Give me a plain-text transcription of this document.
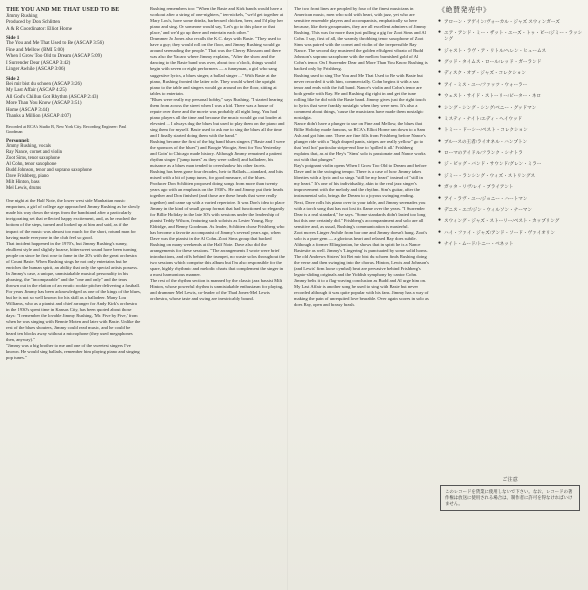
THE YOU AND ME THAT USED TO BE
Jimmy Rushing
Produced by Don Schlitten
A & R Coordinator: Elliot Horne
Side 1
The You and Me That Used to Be (ASCAP 3:56)
Fine and Mellow (BMI 5:00)
When I Grow Too Old to Dream (ASCAP 5:09)
I Surrender Dear (ASCAP 3:42)
Linger Awhile (ASCAP 3:06)
Side 2
Bei mir bist du schoen (ASCAP 3:26)
My Last Affair (ASCAP 4:25)
All God's Chillun Got Rhythm (ASCAP 2:43)
More Than You Know (ASCAP 3:51)
Home (ASCAP 3:44)
Thanks a Million (ASCAP 4:07)
Recorded at RCA's Studio B, New York City. Recording Engineer: Paul Goodman
Personnel:
Jimmy Rushing, vocals
Ray Nance, cornet and violin
Zoot Sims, tenor saxophone
Al Cohn, tenor saxophone
Budd Johnson, tenor and soprano saxophone
Dave Frishberg, piano
Milt Hinton, bass
Mel Lewis, drums

One night at the Half Note, the lower west side Manhattan music emporium, a girl of college age approached Jimmy Rushing as he slowly made his way down the steps from the bandstand after a particularly invigorating set that reflected happy excitement, and, as he reached the bottom of the steps, turned and looked up at him and said, as if the impact of the music was almost too much for the short, rotund man for having made everyone in the club feel so good.

That incident happened in the 1970's, but Jimmy Rushing's sunny, ebullient style and slightly hoarse, bittersweet sound have been turning people on since he first rose to fame in the 20's with the great orchestra of Count Basie. When Rushing sings he not only entertains but he enriches the human spirit, an ability that only the special artists possess. In Jimmy's case, a unique, unmistakable musical personality in his phrasing, the "incomparable" and the "one and only" and the tears thrown out in the elation of an erratic rookie pitcher delivering a fastball.

For years Jimmy has been acknowledged as one of the kings of the blues, but he is not so well known for his skill as a balladeer. Many Lou Williams, who as a pianist and chief arranger for Andy Kirk's orchestra in the 1930's spent time in Kansas City, has been quoted about those days: "I remember the lovable Jimmy Rushing, 'Mr. Five by Five,' from when he was singing with Bennie Moten and later with Basie. Unlike the rest of the blues shouters, Jimmy could read music, and he could be heard ten blocks away without a microphone (they used megaphones then, anyway)."

"Jimmy was a big brother to me and one of the sweetest singers I've known. He would sing ballads, remember him playing piano and singing pop tunes."

Rushing remembers too: "When the Basie and Kirk bands would have a workout after a string of one-nighters," ten-nickels, "we'd get together at Mary Lou's, have some drinks, barbecued chicken, beer, and I'd play her piano and sing. Or someone would say, 'Let's go to this place or that place,' and we'd go up there and entertain each other."

Drummer Jo Jones also recalls the K.C. days with Basie. "They used to have a guy; they would roll on the floor, and Jimmy Rushing would go around serenading the people." That was the Cherry Blossom and there was also the Yacaro where Jimmy explains, "After the show and the dancing to the Basie band was over, about two o'clock, things would begin with seven or eight performers — a funnyman, a girl who sang suggestive lyrics, a blues singer, a ballad singer ..." With Basie at the piano, Rushing fronted the latter role. They would wheel the upright piano to the table and singers would go around on the floor, sitting at tables to entertain.

"Blues were really my personal hobby," says Rushing. "I started hearing them from across the street when I was a kid. There was a house of repute over there and the movie was probably all night long. You had piano players all the time and because the music would go out louder at elevated ... I always dug the blues but used to play them on the piano and sing them for myself. Basie used to ask me to sing the blues all the time and I finally started doing them with the band."

Rushing became the first of the big band blues singers ("Basie and I were the sponsors of the blues") and Boogie Woogie, Sent for You Yesterday and Goin' to Chicago made history. Although Jimmy remained a patient rhythm singer ("jump tunes" as they were called) and balladeer, his nuisance as a blues man tended to overshadow his other facets.

Rushing has been gone four decades, heir to Ballads—standard, and hits mixed with a bit of jump tunes, for good measure, of the blues.

Producer Don Schlitten proposed doing songs from more than twenty years ago with an emphasis on the 1930's. He and Jimmy put their heads together and Don finished (and those are these heads that were really together) and came up with a varied repertoire. It was Don's idea to place Jimmy in the kind of small group format that had functioned so elegantly for Billie Holiday in the late 30's with sessions under the leadership of pianist Teddy Wilson, featuring such soloists as Lester Young, Roy Eldridge, and Benny Goodman. As leader, Schlitten chose Frishberg who has become a favorite accompanist of Jimmy's several years ago, when Dave was the pianist in the Al Cohn–Zoot Sims group that backed Rushing on many weekends at the Half Note. Dave also did the arrangements for these sessions. "The arrangements I wrote were brief introductions, and riffs behind the trumpet, no waste solos throughout the two sessions which comprise this album but I'm also responsible for the spare, highly rhythmic and melodic charts that complement the singer in a most harmonious manner.

The rest of the rhythm section is manned by the classic jazz bassist Milt Hinton, whose powerful rhythm is unmistakable enthusiasm for playing, and drummer Mel Lewis, co-leader of the Thad Jones-Mel Lewis orchestra, whose taste and swing are inextricably bound.

The two front lines are peopled by four of the finest musicians in American music, men who sold with heart, with jazz, yet who are sensitive ensemble players and accompanists, emphatically so here because, like their groupmates, they are all excellent admirers of Jimmy Rushing. This was far more than just pulling a gig for Zoot Sims and Al Cohn. I say, first of all, the warmly throbbing tenor saxophone of Zoot Sims was paired with the cornet and violin of the irrepressible Ray Nance. The second day mustered the golden effulgent vibrato of Budd Johnson's soprano saxophone with the mellow burnished gold of Al Cohn's tenor. On I Surrender Dear and More Than You Know Rushing is backed only by Frishberg.

Rushing used to sing The You and Me That Used to Be with Basie but never recorded it with him, commercially. Cohn begins it with a sax tenor and ends with the full band. Nance's violin and Cohn's tenor are both gentle with Ray. He and Rushing dig right in and get the tune rolling like he did with the Basie band. Jimmy gives just the right touch to lyrics that were frankly nostalgic when they were new. It's also a comment about things, 'cause the musicians have made them nostalgic nostalgia.

Nance didn't have a plunger to use on Fine and Mellow, the blues that Billie Holiday made famous, so RCA's Elliot Horne ran down to a Sam Ash and got him one. There are fine fills from Frishberg before Nance's plunger ride with a "high draped pants, stripes are really yellow" go to that 'real hot' particular stripe-end line to 'spilled it all.' Frishberg explains that, as at the Hey's "Sims' solo is passionate and Nance works out with that plunger."

Ray's poignant violin opens When I Grow Too Old to Dream and before Dave and in the swinging tempo. There is a case of how Jimmy takes liberties with a lyric and so sings "still be my heart" instead of "still in my heart." It's one of his individuality, akin to the real jazz singer's improvement with the melody and the rhythm. Sim's guitar, after the instrumental solo, brings the Dream to a joyous swinging ending.

Next, Dave rolls his piano over to your table, and Jimmy serenades you with a torch song that has not lost its flame over the years. "I Surrender Dear is a real standard," he says. "Some standards didn't lasted too long but this one certainly did." Frishberg's accompaniment and solo are all sensitive and, as usual, Rushing's communication is masterful.

Zoot moves Linger Awhile from bar one and Jimmy doesn't hang. Zoot's solo is a pure gem — a glorious heart and relaxed Ray does subtle. Although a former Ellingtonian, he shows that in spirit he is a Nance Basiesite as well. Jimmy's 'Lingering' is punctuated by some solid horns.

The old Andrews Sisters' hit Bei mir bist du schoen finds Rushing doing the verse and then swinging into the chorus. Hinton, Lewis and Johnson's (and Lewis' firm loose cymbal) beat are pervasive behind Frishberg's legato-sliding originals and the Yiddish symphony by cantor Cohn. Jimmy belts it to a flag-waving conclusion as Budd and Al urge him on.

My Last Affair is another song he used to sing with Basie but never recorded although it was quite popular with his fans. Jimmy has a way of making the pain of unrequited love bearable. Over again scores in solo as does Ray, open and brassy brash.

《絶賛発売中》
● アローン・アゲイン/ヴォーカル・ジャズ スウィンガーズ
● ユア・アンド・ミー・ザット・ユーズ・トゥ・ビー/ジミー・ラッシング
● ジャスト・ラヴ・ア・リトル/ヘレン・ヒュームス
● グッド・タイムス・ロール/レッド・ガーランド
● ディスク・オブ・ジャズ・コレクション
● アイ・ミス・ユー/ファッツ・ウォーラー
● ウェスト・サイド・ストーリー/ピーター・ネロ
● シング・シング・シング/ベニー・グッドマン
● ミスティ・ナイト/エディ・ヘイウッド
● トミー・ドーシー/ベスト・コレクション
● ブルースの王者/ライオネル・ハンプトン
● ローマのアイドル/フランク・シナトラ
● ジ・ビッグ・バンド・サウンド/グレン・ミラー
● ジミー・ランシング・ウィズ・ストリングス
● ガッタ・リヴ/レイ・ブライアント
● アイ・ラヴ・ユー/ジョニー・ハートマン
● デニス・エゴ/ジン・ウィルソン・ナーマン
● スウィング・ジャズ・ストーリー/ベスト・カップリング
● ハイ・ファイ・ジャズ/アンド・ソード・ヴァイオリン
● ナイト・ムード/トニー・ベネット
ご注意
このレコードを貸業に使用しないで下さい。なお、レコードの著作権は放送に使用される場合は、制作者に許可を得なければいけません。
